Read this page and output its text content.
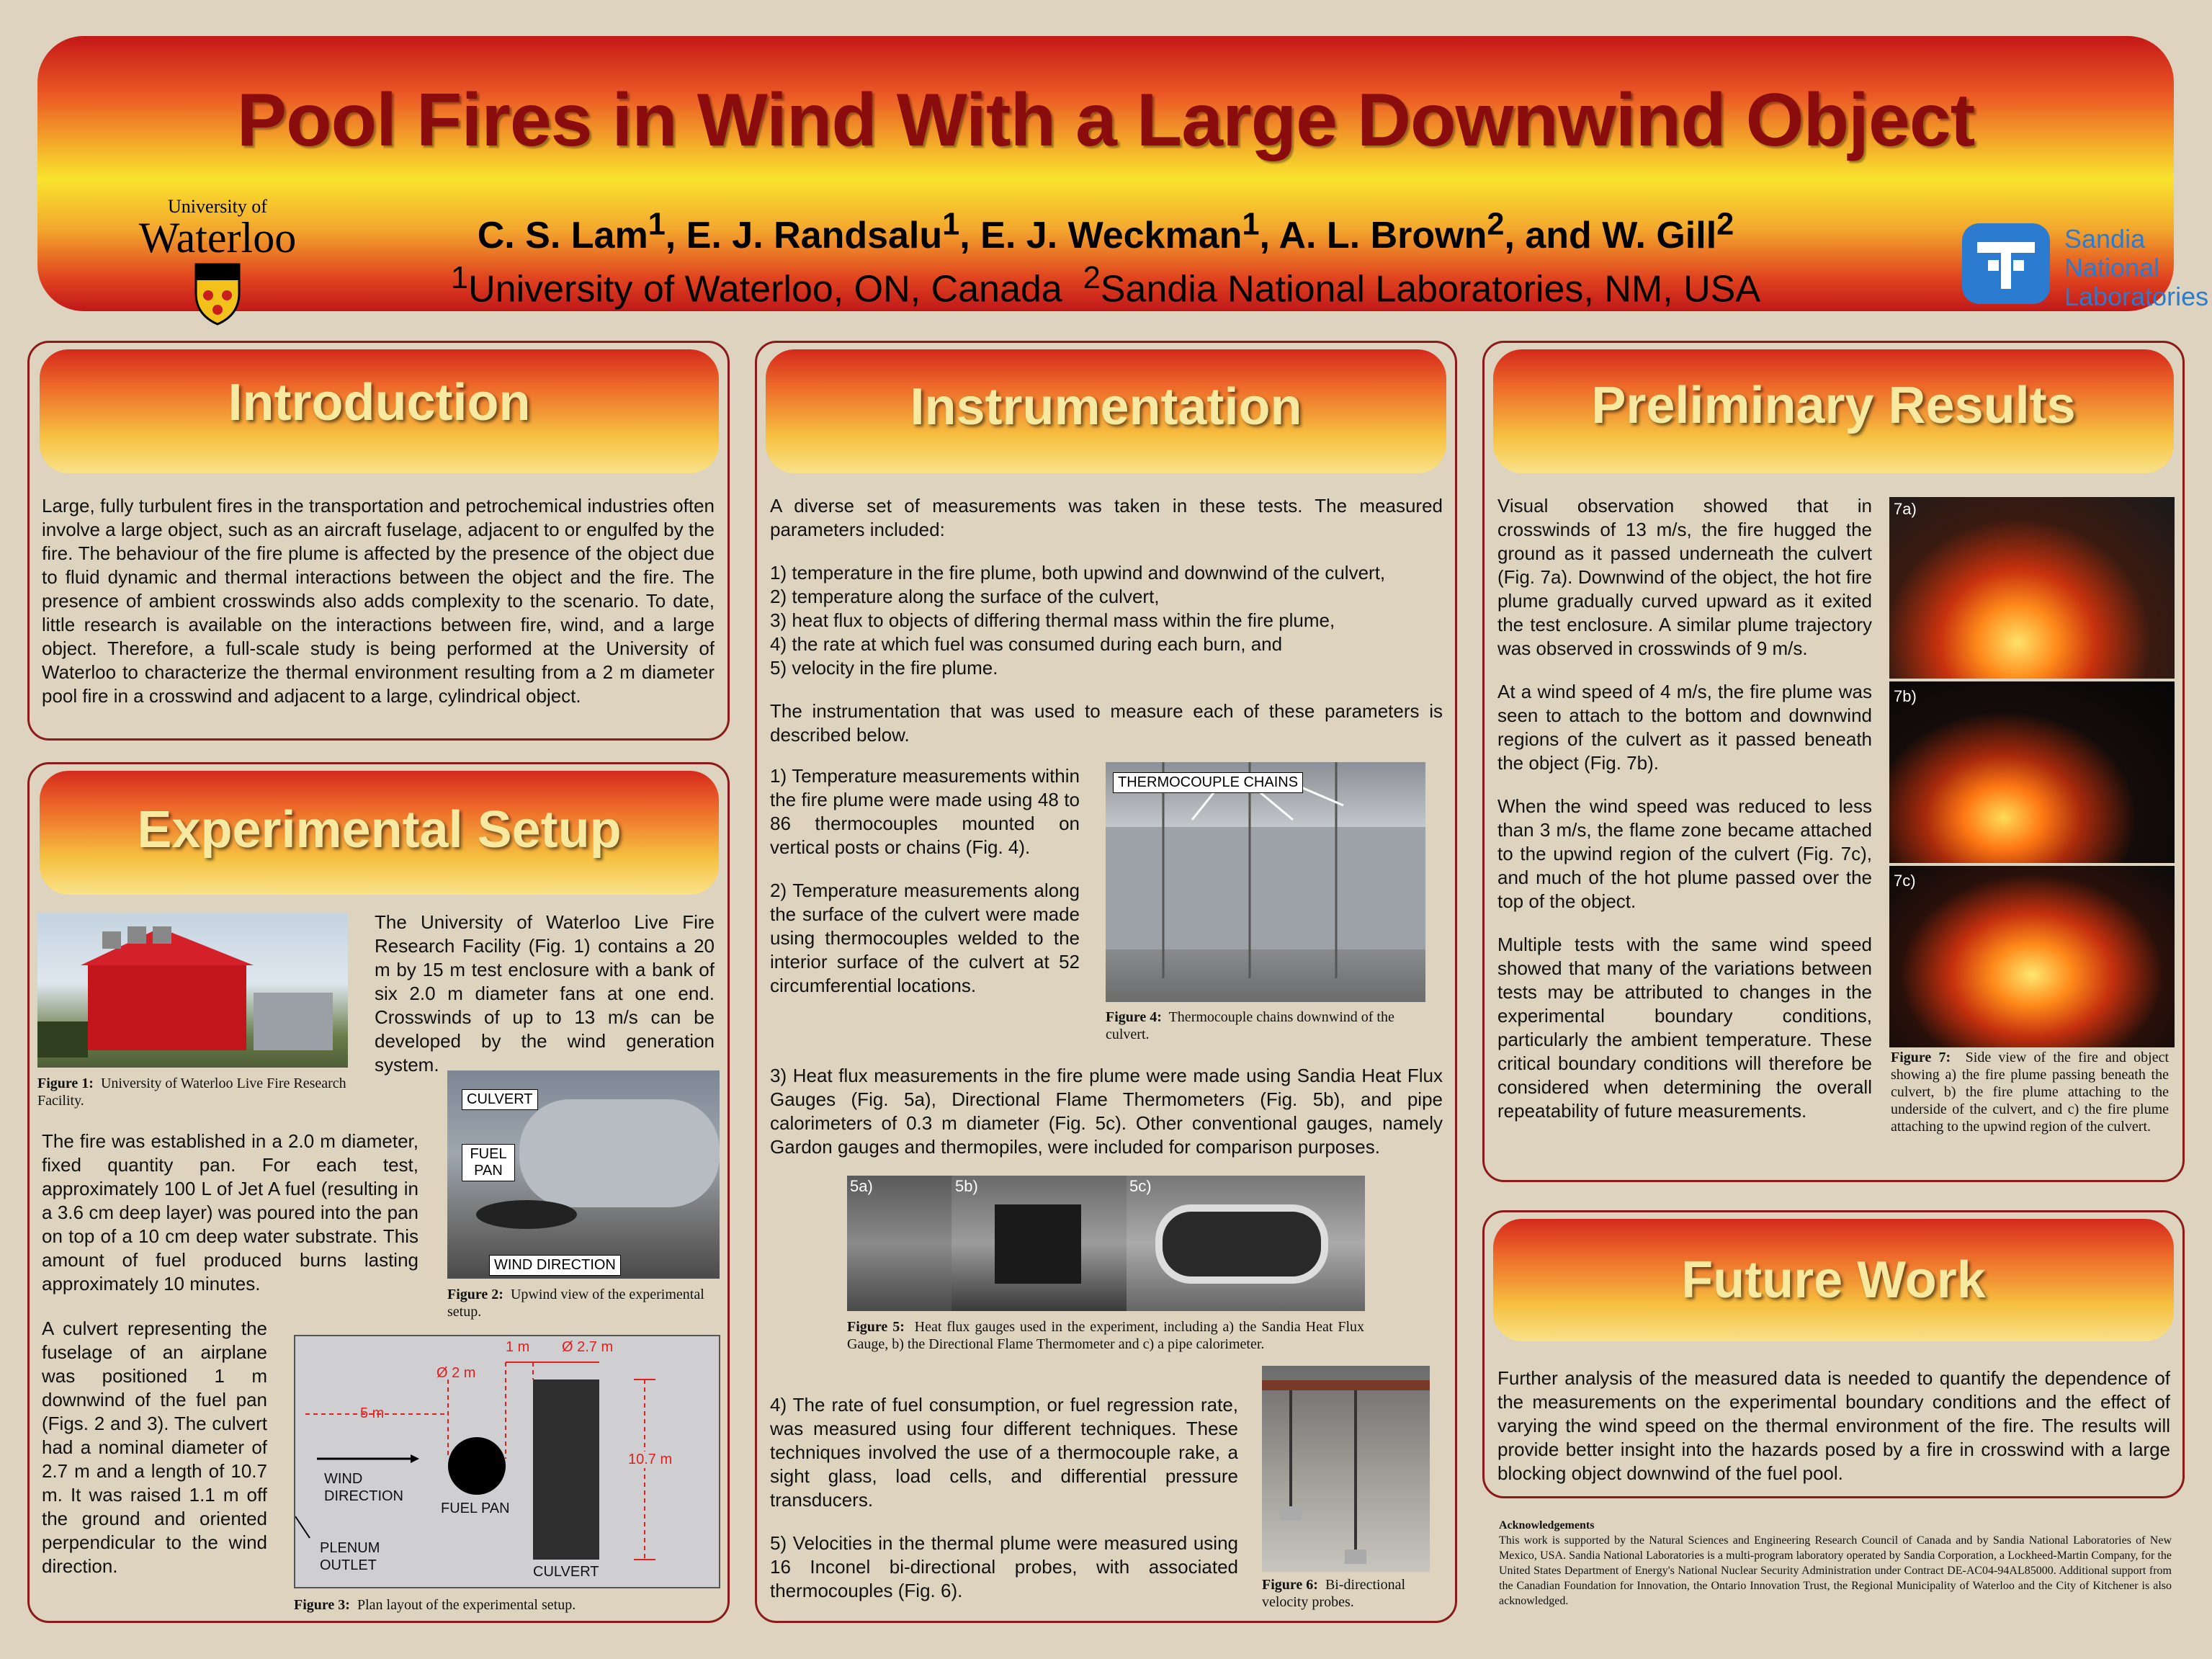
Pool Fires in Wind With a Large Downwind Object
C. S. Lam$^1$, E. J. Randsalu$^1$, E. J. Weckman$^1$, A. L. Brown$^2$, and W. Gill$^2$
$^1$University of Waterloo, ON, Canada $^2$Sandia National Laboratories, NM, USA
University of
Waterloo	Sandia
National
Laboratories
Introduction
Large, fully turbulent fires in the transportation and petrochemical industries often involve a large object, such as an aircraft fuselage, adjacent to or engulfed by the fire. The behaviour of the fire plume is affected by the presence of the object due to fluid dynamic and thermal interactions between the object and the fire. The presence of ambient crosswinds also adds complexity to the scenario. To date, little research is available on the interactions between fire, wind, and a large object. Therefore, a full-scale study is being performed at the University of Waterloo to characterize the thermal environment resulting from a 2 m diameter pool fire in a crosswind and adjacent to a large, cylindrical object.
Experimental Setup
The University of Waterloo Live Fire Research Facility (Fig. 1) contains a 20 m by 15 m test enclosure with a bank of six 2.0 m diameter fans at one end. Crosswinds of up to 13 m/s can be developed by the wind generation system.
Figure 1: University of Waterloo Live Fire Research Facility.
The fire was established in a 2.0 m diameter, fixed quantity pan. For each test, approximately 100 L of Jet A fuel (resulting in a 3.6 cm deep layer) was poured into the pan on top of a 10 cm deep water substrate. This amount of fuel produced burns lasting approximately 10 minutes.
CULVERT
FUEL PAN
WIND DIRECTION
Figure 2: Upwind view of the experimental setup.
A culvert representing the fuselage of an airplane was positioned 1 m downwind of the fuel pan (Figs. 2 and 3). The culvert had a nominal diameter of 2.7 m and a length of 10.7 m. It was raised 1.1 m off the ground and oriented perpendicular to the wind direction.
1 m Ø 2.7 m
Ø 2 m
5 m
10.7 m
WIND DIRECTION
FUEL PAN
PLENUM OUTLET	CULVERT
Figure 3: Plan layout of the experimental setup.
Instrumentation

A diverse set of measurements was taken in these tests. The measured parameters included:

1) temperature in the fire plume, both upwind and downwind of the culvert,
2) temperature along the surface of the culvert,
3) heat flux to objects of differing thermal mass within the fire plume,
4) the rate at which fuel was consumed during each burn, and
5) velocity in the fire plume.

The instrumentation that was used to measure each of these parameters is described below.

1) Temperature measurements within the fire plume were made using 48 to 86 thermocouples mounted on vertical posts or chains (Fig. 4).

2) Temperature measurements along the surface of the culvert were made using thermocouples welded to the interior surface of the culvert at 52 circumferential locations.

THERMOCOUPLE CHAINS
Figure 4: Thermocouple chains downwind of the culvert.
3) Heat flux measurements in the fire plume were made using Sandia Heat Flux Gauges (Fig. 5a), Directional Flame Thermometers (Fig. 5b), and pipe calorimeters of 0.3 m diameter (Fig. 5c). Other conventional gauges, namely Gardon gauges and thermopiles, were included for comparison purposes.
5a)	5b)	5c)
Figure 5: Heat flux gauges used in the experiment, including a) the Sandia Heat Flux Gauge, b) the Directional Flame Thermometer and c) a pipe calorimeter.

4) The rate of fuel consumption, or fuel regression rate, was measured using four different techniques. These techniques involved the use of a thermocouple rake, a sight glass, load cells, and differential pressure transducers.

5) Velocities in the thermal plume were measured using 16 Inconel bi-directional probes, with associated thermocouples (Fig. 6).	Figure 6: Bi-directional velocity probes.
Preliminary Results

Visual observation showed that in crosswinds of 13 m/s, the fire hugged the ground as it passed underneath the culvert (Fig. 7a). Downwind of the object, the hot fire plume gradually curved upward as it exited the test enclosure. A similar plume trajectory was observed in crosswinds of 9 m/s.

At a wind speed of 4 m/s, the fire plume was seen to attach to the bottom and downwind regions of the culvert as it passed beneath the object (Fig. 7b).

When the wind speed was reduced to less than 3 m/s, the flame zone became attached to the upwind region of the culvert (Fig. 7c), and much of the hot plume passed over the top of the object.

Multiple tests with the same wind speed showed that many of the variations between tests may be attributed to changes in the experimental boundary conditions, particularly the ambient temperature. These critical boundary conditions will therefore be considered when determining the overall repeatability of future measurements.

7a)
7b)
7c)
Figure 7: Side view of the fire and object showing a) the fire plume passing beneath the culvert, b) the fire plume attaching to the underside of the culvert, and c) the fire plume attaching to the upwind region of the culvert.
Future Work
Further analysis of the measured data is needed to quantify the dependence of the measurements on the experimental boundary conditions and the effect of varying the wind speed on the thermal environment of the fire. The results will provide better insight into the hazards posed by a fire in crosswind with a large blocking object downwind of the fuel pool.
Acknowledgements
This work is supported by the Natural Sciences and Engineering Research Council of Canada and by Sandia National Laboratories of New Mexico, USA. Sandia National Laboratories is a multi-program laboratory operated by Sandia Corporation, a Lockheed-Martin Company, for the United States Department of Energy's National Nuclear Security Administration under Contract DE-AC04-94AL85000. Additional support from the Canadian Foundation for Innovation, the Ontario Innovation Trust, the Regional Municipality of Waterloo and the City of Kitchener is also acknowledged.
